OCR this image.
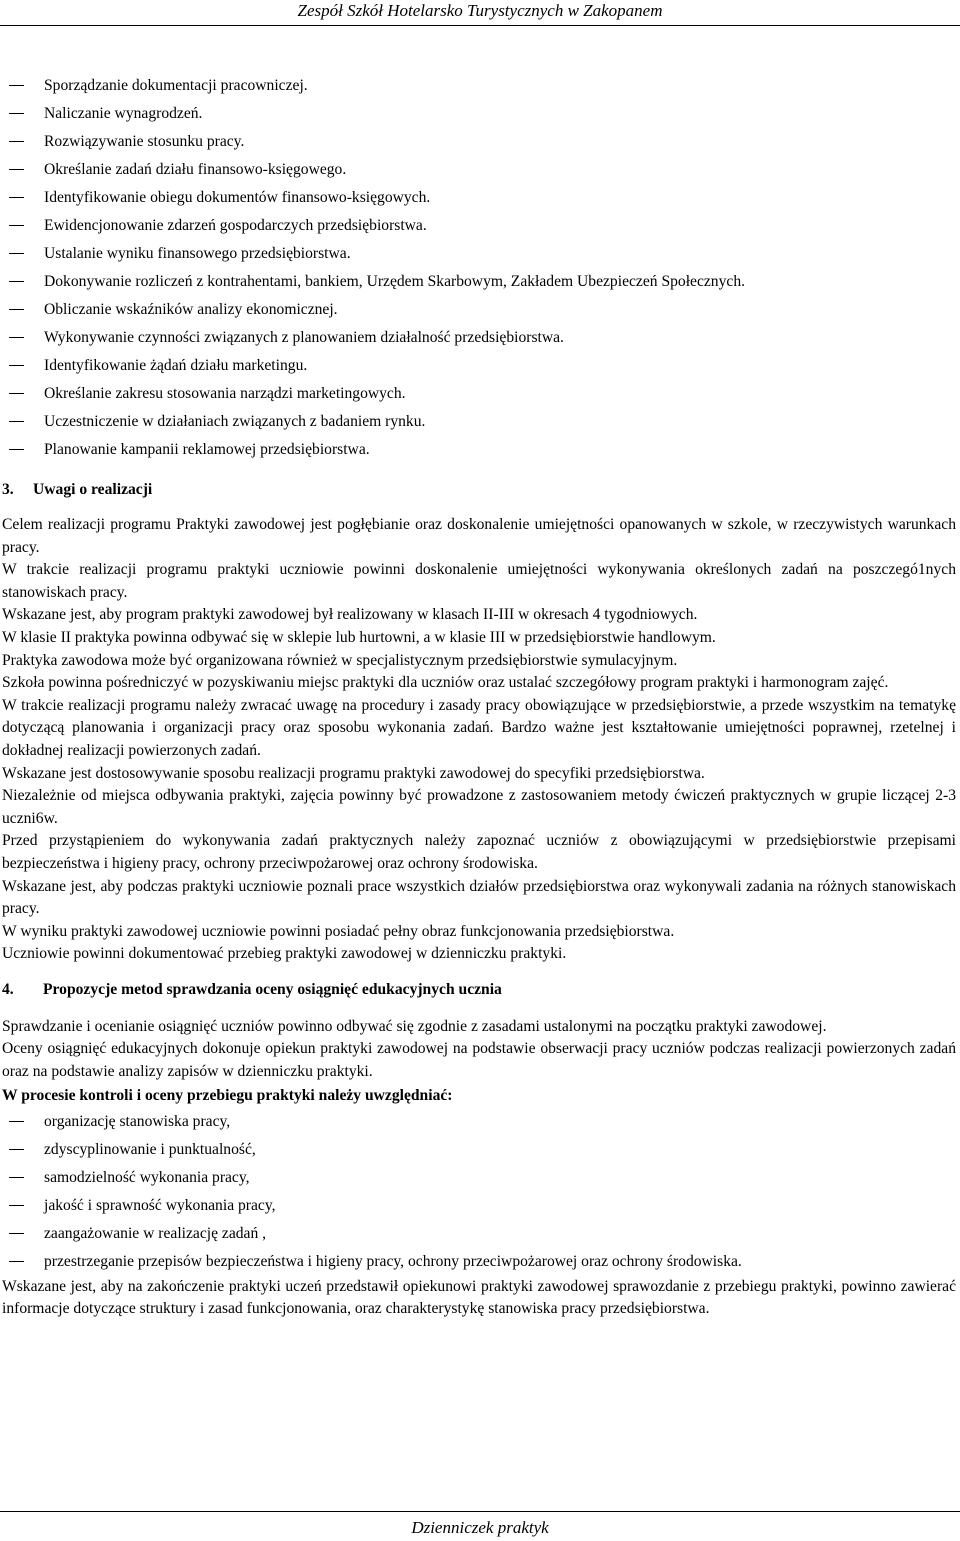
Zespół Szkół Hotelarsko Turystycznych w Zakopanem
Sporządzanie dokumentacji pracowniczej.
Naliczanie wynagrodzeń.
Rozwiązywanie stosunku pracy.
Określanie zadań działu finansowo-księgowego.
Identyfikowanie obiegu dokumentów finansowo-księgowych.
Ewidencjonowanie zdarzeń gospodarczych przedsiębiorstwa.
Ustalanie wyniku finansowego przedsiębiorstwa.
Dokonywanie rozliczeń z kontrahentami, bankiem, Urzędem Skarbowym, Zakładem Ubezpieczeń Społecznych.
Obliczanie wskaźników analizy ekonomicznej.
Wykonywanie czynności związanych z planowaniem działalność przedsiębiorstwa.
Identyfikowanie żądań działu marketingu.
Określanie zakresu stosowania narządzi marketingowych.
Uczestniczenie w działaniach związanych z badaniem rynku.
Planowanie kampanii reklamowej przedsiębiorstwa.
3. Uwagi o realizacji

Celem realizacji programu Praktyki zawodowej jest pogłębianie oraz doskonalenie umiejętności opanowanych w szkole, w rzeczywistych warunkach pracy.

W trakcie realizacji programu praktyki uczniowie powinni doskonalenie umiejętności wykonywania określonych zadań na poszczegó1nych stanowiskach pracy.

Wskazane jest, aby program praktyki zawodowej był realizowany w klasach II-III w okresach 4 tygodniowych.

W klasie II praktyka powinna odbywać się w sklepie lub hurtowni, a w klasie III w przedsiębiorstwie handlowym.

Praktyka zawodowa może być organizowana również w specjalistycznym przedsiębiorstwie symulacyjnym.

Szkoła powinna pośredniczyć w pozyskiwaniu miejsc praktyki dla uczniów oraz ustalać szczegółowy program praktyki i harmonogram zajęć.

W trakcie realizacji programu należy zwracać uwagę na procedury i zasady pracy obowiązujące w przedsiębiorstwie, a przede wszystkim na tematykę dotyczącą planowania i organizacji pracy oraz sposobu wykonania zadań. Bardzo ważne jest kształtowanie umiejętności poprawnej, rzetelnej i dokładnej realizacji powierzonych zadań.

Wskazane jest dostosowywanie sposobu realizacji programu praktyki zawodowej do specyfiki przedsiębiorstwa.

Niezależnie od miejsca odbywania praktyki, zajęcia powinny być prowadzone z zastosowaniem metody ćwiczeń praktycznych w grupie liczącej 2-3 uczni6w.

Przed przystąpieniem do wykonywania zadań praktycznych należy zapoznać uczniów z obowiązującymi w przedsiębiorstwie przepisami bezpieczeństwa i higieny pracy, ochrony przeciwpożarowej oraz ochrony środowiska.

Wskazane jest, aby podczas praktyki uczniowie poznali prace wszystkich działów przedsiębiorstwa oraz wykonywali zadania na różnych stanowiskach pracy.

W wyniku praktyki zawodowej uczniowie powinni posiadać pełny obraz funkcjonowania przedsiębiorstwa.

Uczniowie powinni dokumentować przebieg praktyki zawodowej w dzienniczku praktyki.

4. Propozycje metod sprawdzania oceny osiągnięć edukacyjnych ucznia

Sprawdzanie i ocenianie osiągnięć uczniów powinno odbywać się zgodnie z zasadami ustalonymi na początku praktyki zawodowej.

Oceny osiągnięć edukacyjnych dokonuje opiekun praktyki zawodowej na podstawie obserwacji pracy uczniów podczas realizacji powierzonych zadań oraz na podstawie analizy zapisów w dzienniczku praktyki.

W procesie kontroli i oceny przebiegu praktyki należy uwzględniać:
organizację stanowiska pracy,
zdyscyplinowanie i punktualność,
samodzielność wykonania pracy,
jakość i sprawność wykonania pracy,
zaangażowanie w realizację zadań ,
przestrzeganie przepisów bezpieczeństwa i higieny pracy, ochrony przeciwpożarowej oraz ochrony środowiska.

Wskazane jest, aby na zakończenie praktyki uczeń przedstawił opiekunowi praktyki zawodowej sprawozdanie z przebiegu praktyki, powinno zawierać informacje dotyczące struktury i zasad funkcjonowania, oraz charakterystykę stanowiska pracy przedsiębiorstwa.

Dzienniczek praktyk
